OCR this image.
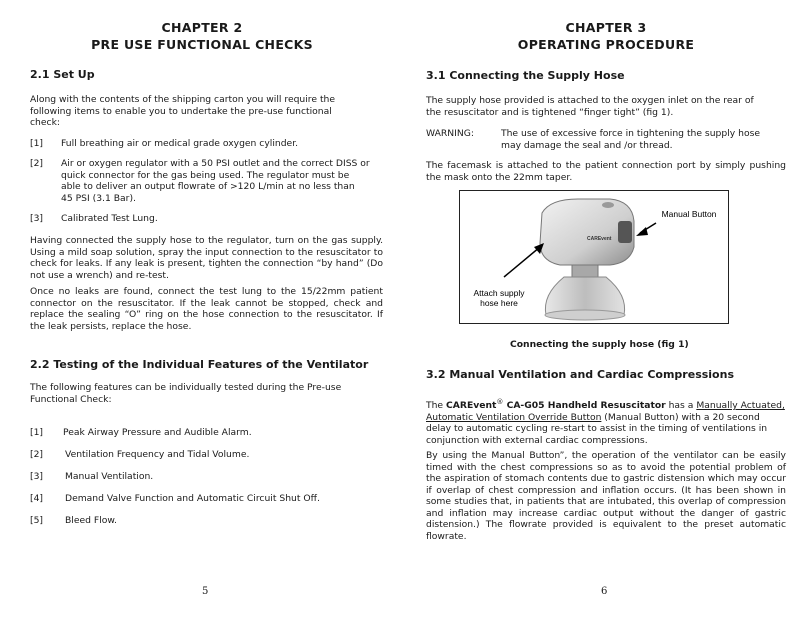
CHAPTER 2
PRE USE FUNCTIONAL CHECKS
2.1 Set Up
Along with the contents of the shipping carton you will require the
following items to enable you to undertake the pre-use functional
check:
[1] Full breathing air or medical grade oxygen cylinder.
[2] Air or oxygen regulator with a 50 PSI outlet and the correct DISS or
quick connector for the gas being used. The regulator must be
able to deliver an output flowrate of >120 L/min at no less than
45 PSI (3.1 Bar).
[3] Calibrated Test Lung.
Having connected the supply hose to the regulator, turn on the gas supply. Using a mild soap solution, spray the input connection to the resuscitator to check for leaks. If any leak is present, tighten the connection “by hand” (Do not use a wrench) and re-test.
Once no leaks are found, connect the test lung to the 15/22mm patient connector on the resuscitator. If the leak cannot be stopped, check and replace the sealing “O” ring on the hose connection to the resuscitator. If the leak persists, replace the hose.
2.2 Testing of the Individual Features of the Ventilator
The following features can be individually tested during the Pre-use
Functional Check:
[1] Peak Airway Pressure and Audible Alarm.
[2] Ventilation Frequency and Tidal Volume.
[3] Manual Ventilation.
[4] Demand Valve Function and Automatic Circuit Shut Off.
[5] Bleed Flow.
5
CHAPTER 3
OPERATING PROCEDURE
3.1 Connecting the Supply Hose
The supply hose provided is attached to the oxygen inlet on the rear of
the resuscitator and is tightened “finger tight” (fig 1).
WARNING:	The use of excessive force in tightening the supply hose
may damage the seal and /or thread.
The facemask is attached to the patient connection port by simply pushing the mask onto the 22mm taper.
Manual Button
Attach supply
hose here
CAREvent
Connecting the supply hose (fig 1)
3.2 Manual Ventilation and Cardiac Compressions
The CAREvent® CA-G05 Handheld Resuscitator has a Manually Actuated, Automatic Ventilation Override Button (Manual Button) with a 20 second delay to automatic cycling re-start to assist in the timing of ventilations in conjunction with external cardiac compressions.
By using the Manual Button”, the operation of the ventilator can be easily timed with the chest compressions so as to avoid the potential problem of the aspiration of stomach contents due to gastric distension which may occur if overlap of chest compression and inflation occurs. (It has been shown in some studies that, in patients that are intubated, this overlap of compression and inflation may increase cardiac output without the danger of gastric distension.) The flowrate provided is equivalent to the preset automatic flowrate.
6
